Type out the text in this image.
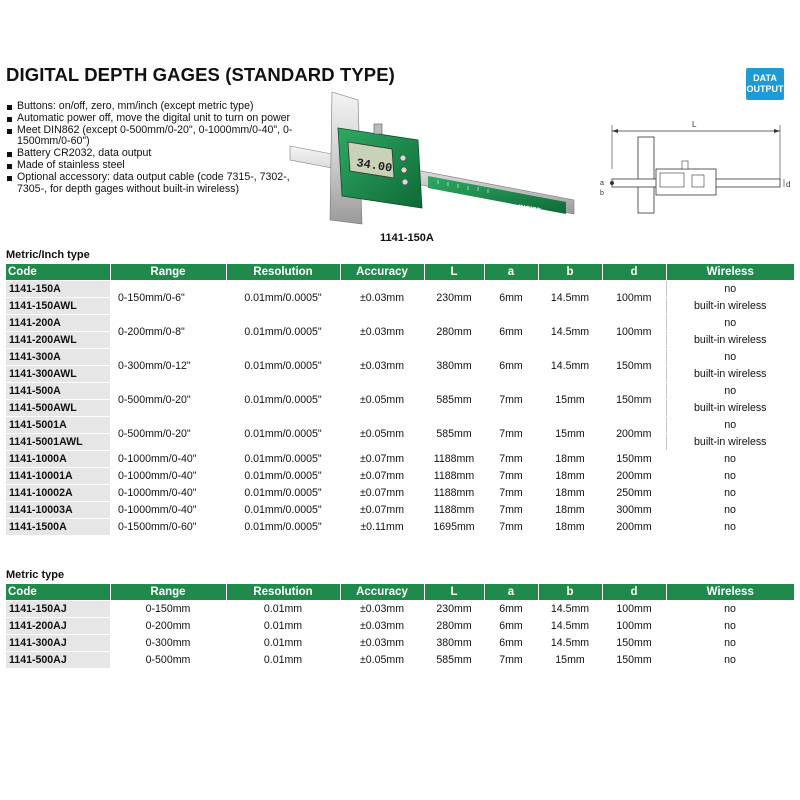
DIGITAL DEPTH GAGES (STANDARD TYPE)	DATA
OUTPUT
Buttons: on/off, zero, mm/inch (except metric type)
Automatic power off, move the digital unit to turn on power
Meet DIN862 (except 0-500mm/0-20", 0-1000mm/0-40", 0-1500mm/0-60")
Battery CR2032, data output
Made of stainless steel
Optional accessory: data output cable (code 7315-, 7302-, 7305-, for depth gages without built-in wireless)
INSIZE
34.00
1141-150A
L
d
a
b
Metric/Inch type
Code	Range	Resolution	Accuracy	L	a	b	d	Wireless
1141-150A	0-150mm/0-6"	0.01mm/0.0005"	±0.03mm	230mm	6mm	14.5mm	100mm	no
1141-150AWL								built-in wireless
1141-200A	0-200mm/0-8"	0.01mm/0.0005"	±0.03mm	280mm	6mm	14.5mm	100mm	no
1141-200AWL								built-in wireless
1141-300A	0-300mm/0-12"	0.01mm/0.0005"	±0.03mm	380mm	6mm	14.5mm	150mm	no
1141-300AWL								built-in wireless
1141-500A	0-500mm/0-20"	0.01mm/0.0005"	±0.05mm	585mm	7mm	15mm	150mm	no
1141-500AWL								built-in wireless
1141-5001A	0-500mm/0-20"	0.01mm/0.0005"	±0.05mm	585mm	7mm	15mm	200mm	no
1141-5001AWL								built-in wireless
1141-1000A	0-1000mm/0-40"	0.01mm/0.0005"	±0.07mm	1188mm	7mm	18mm	150mm	no
1141-10001A	0-1000mm/0-40"	0.01mm/0.0005"	±0.07mm	1188mm	7mm	18mm	200mm	no
1141-10002A	0-1000mm/0-40"	0.01mm/0.0005"	±0.07mm	1188mm	7mm	18mm	250mm	no
1141-10003A	0-1000mm/0-40"	0.01mm/0.0005"	±0.07mm	1188mm	7mm	18mm	300mm	no
1141-1500A	0-1500mm/0-60"	0.01mm/0.0005"	±0.11mm	1695mm	7mm	18mm	200mm	no
Metric type
Code	Range	Resolution	Accuracy	L	a	b	d	Wireless
1141-150AJ	0-150mm	0.01mm	±0.03mm	230mm	6mm	14.5mm	100mm	no
1141-200AJ	0-200mm	0.01mm	±0.03mm	280mm	6mm	14.5mm	100mm	no
1141-300AJ	0-300mm	0.01mm	±0.03mm	380mm	6mm	14.5mm	150mm	no
1141-500AJ	0-500mm	0.01mm	±0.05mm	585mm	7mm	15mm	150mm	no
